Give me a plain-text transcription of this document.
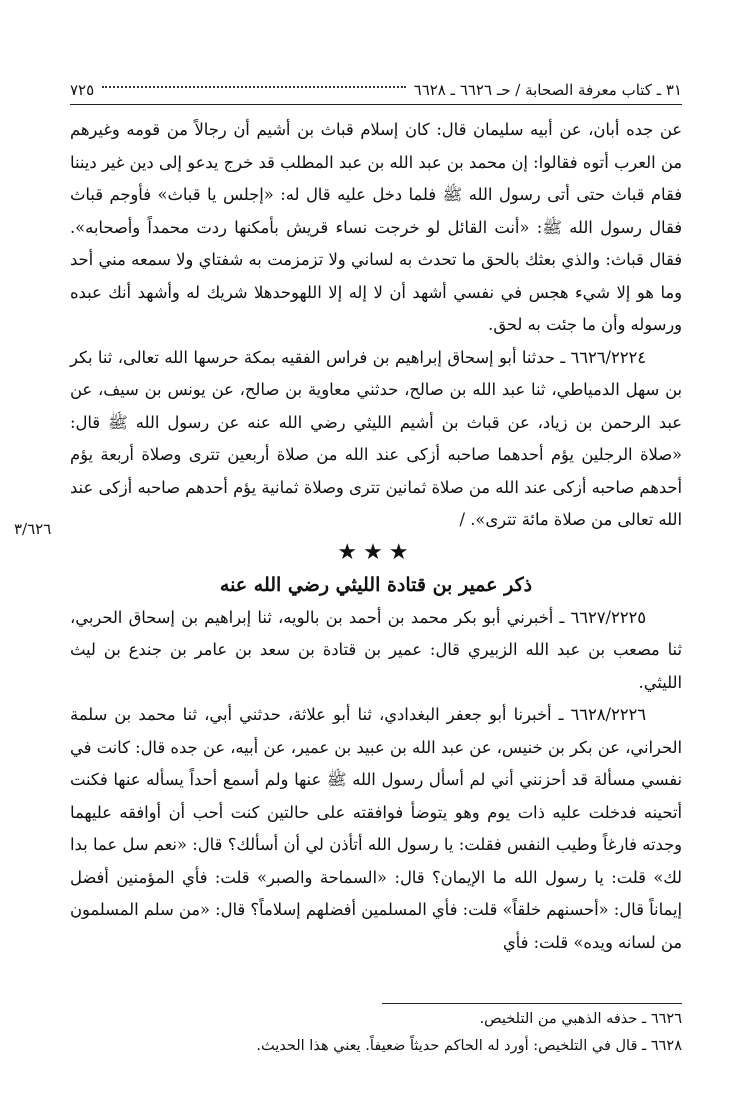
٣١ ـ كتاب معرفة الصحابة / حـ ٦٦٢٦ ـ ٦٦٢٨
٧٢٥
٣/٦٢٦

عن جده أبان، عن أبيه سليمان قال: كان إسلام قباث بن أشيم أن رجالاً من قومه وغيرهم من العرب أتوه فقالوا: إن محمد بن عبد الله بن عبد المطلب قد خرج يدعو إلى دين غير ديننا فقام قباث حتى أتى رسول الله ﷺ فلما دخل عليه قال له: «إجلس يا قباث» فأوجم قباث فقال رسول الله ﷺ: «أنت القائل لو خرجت نساء قريش بأمكنها ردت محمداً وأصحابه». فقال قباث: والذي بعثك بالحق ما تحدث به لساني ولا تزمزمت به شفتاي ولا سمعه مني أحد وما هو إلا شيء هجس في نفسي أشهد أن لا إله إلا اللهوحدهلا شريك له وأشهد أنك عبده ورسوله وأن ما جئت به لحق.

٦٦٢٦/٢٢٢٤ ـ حدثنا أبو إسحاق إبراهيم بن فراس الفقيه بمكة حرسها الله تعالى، ثنا بكر بن سهل الدمياطي، ثنا عبد الله بن صالح، حدثني معاوية بن صالح، عن يونس بن سيف، عن عبد الرحمن بن زياد، عن قباث بن أشيم الليثي رضي الله عنه عن رسول الله ﷺ قال: «صلاة الرجلين يؤم أحدهما صاحبه أزكى عند الله من صلاة أربعين تترى وصلاة أربعة يؤم أحدهم صاحبه أزكى عند الله من صلاة ثمانين تترى وصلاة ثمانية يؤم أحدهم صاحبه أزكى عند الله تعالى من صلاة مائة تترى». /

★★★

ذكر عمير بن قتادة الليثي رضي الله عنه

٦٦٢٧/٢٢٢٥ ـ أخبرني أبو بكر محمد بن أحمد بن بالويه، ثنا إبراهيم بن إسحاق الحربي، ثنا مصعب بن عبد الله الزبيري قال: عمير بن قتادة بن سعد بن عامر بن جندع بن ليث الليثي.

٦٦٢٨/٢٢٢٦ ـ أخبرنا أبو جعفر البغدادي، ثنا أبو علاثة، حدثني أبي، ثنا محمد بن سلمة الحراني، عن بكر بن خنيس، عن عبد الله بن عبيد بن عمير، عن أبيه، عن جده قال: كانت في نفسي مسألة قد أحزنني أني لم أسأل رسول الله ﷺ عنها ولم أسمع أحداً يسأله عنها فكنت أتحينه فدخلت عليه ذات يوم وهو يتوضأ فوافقته على حالتين كنت أحب أن أوافقه عليهما وجدته فارغاً وطيب النفس فقلت: يا رسول الله أتأذن لي أن أسألك؟ قال: «نعم سل عما بدا لك» قلت: يا رسول الله ما الإيمان؟ قال: «السماحة والصبر» قلت: فأي المؤمنين أفضل إيماناً قال: «أحسنهم خلقاً» قلت: فأي المسلمين أفضلهم إسلاماً؟ قال: «من سلم المسلمون من لسانه ويده» قلت: فأي

٦٦٢٦ ـ حذفه الذهبي من التلخيص.

٦٦٢٨ ـ قال في التلخيص: أورد له الحاكم حديثاً ضعيفاً. يعني هذا الحديث.
